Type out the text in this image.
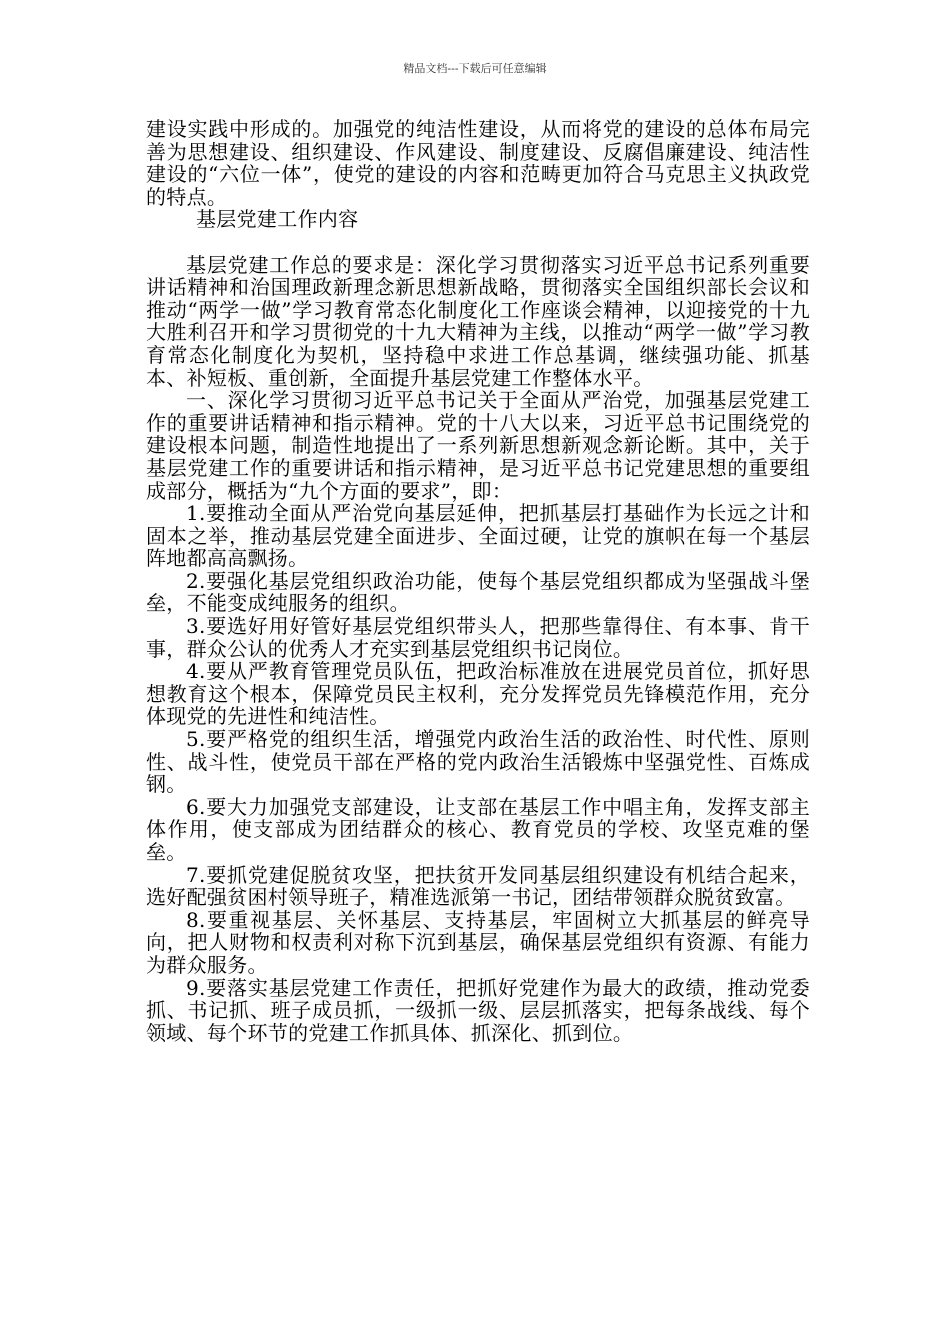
精品文档---下载后可任意编辑

建设实践中形成的。加强党的纯洁性建设，从而将党的建设的总体布局完善为思想建设、组织建设、作风建设、制度建设、反腐倡廉建设、纯洁性建设的“六位一体”，使党的建设的内容和范畴更加符合马克思主义执政党的特点。

基层党建工作内容

基层党建工作总的要求是：深化学习贯彻落实习近平总书记系列重要讲话精神和治国理政新理念新思想新战略，贯彻落实全国组织部长会议和推动“两学一做”学习教育常态化制度化工作座谈会精神，以迎接党的十九大胜利召开和学习贯彻党的十九大精神为主线，以推动“两学一做”学习教育常态化制度化为契机，坚持稳中求进工作总基调，继续强功能、抓基本、补短板、重创新，全面提升基层党建工作整体水平。

一、深化学习贯彻习近平总书记关于全面从严治党，加强基层党建工作的重要讲话精神和指示精神。党的十八大以来，习近平总书记围绕党的建设根本问题，制造性地提出了一系列新思想新观念新论断。其中，关于基层党建工作的重要讲话和指示精神，是习近平总书记党建思想的重要组成部分，概括为“九个方面的要求”，即：

1.要推动全面从严治党向基层延伸，把抓基层打基础作为长远之计和固本之举，推动基层党建全面进步、全面过硬，让党的旗帜在每一个基层阵地都高高飘扬。

2.要强化基层党组织政治功能，使每个基层党组织都成为坚强战斗堡垒，不能变成纯服务的组织。

3.要选好用好管好基层党组织带头人，把那些靠得住、有本事、肯干事，群众公认的优秀人才充实到基层党组织书记岗位。

4.要从严教育管理党员队伍，把政治标准放在进展党员首位，抓好思想教育这个根本，保障党员民主权利，充分发挥党员先锋模范作用，充分体现党的先进性和纯洁性。

5.要严格党的组织生活，增强党内政治生活的政治性、时代性、原则性、战斗性，使党员干部在严格的党内政治生活锻炼中坚强党性、百炼成钢。

6.要大力加强党支部建设，让支部在基层工作中唱主角，发挥支部主体作用，使支部成为团结群众的核心、教育党员的学校、攻坚克难的堡垒。

7.要抓党建促脱贫攻坚，把扶贫开发同基层组织建设有机结合起来，选好配强贫困村领导班子，精准选派第一书记，团结带领群众脱贫致富。

8.要重视基层、关怀基层、支持基层，牢固树立大抓基层的鲜亮导向，把人财物和权责利对称下沉到基层，确保基层党组织有资源、有能力为群众服务。

9.要落实基层党建工作责任，把抓好党建作为最大的政绩，推动党委抓、书记抓、班子成员抓，一级抓一级、层层抓落实，把每条战线、每个领域、每个环节的党建工作抓具体、抓深化、抓到位。
